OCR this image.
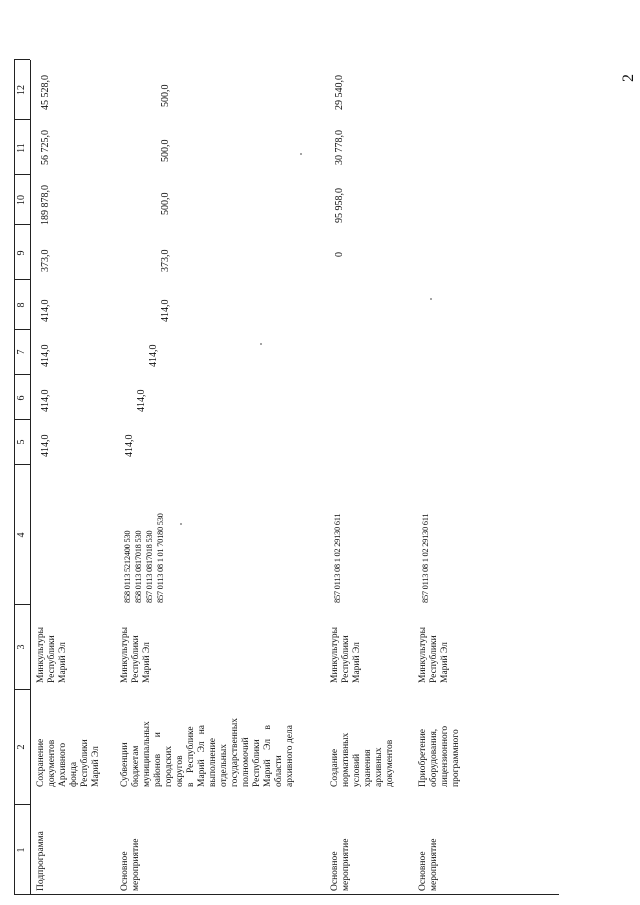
2
1
2
3
4
5
6
7
8
9
10
11
12
Подпрограмма
Сохранение
документов
Архивного
фонда
Республики
Марий Эл
Минкультуры
Республики
Марий Эл
414,0
414,0
414,0
414,0
373,0
189 878,0
56 725,0
45 528,0
Основное
мероприятие
Субвенции
бюджетам
муниципальных
районов       и
городских
округов
в    Республике
Марий   Эл   на
выполнение
отдельных
государственных
полномочий
Республики
Марий    Эл    в
области
архивного дела
Минкультуры
Республики
Марий Эл
858 0113 5212400 530
858 0113 0817018 530
857 0113 0817018 530
857 0113 08 1 01 70180 530
414,0
414,0
414,0
414,0
373,0
500,0
500,0
500,0
Основное
мероприятие
Создание
нормативных
условий
хранения
архивных
документов
Минкультуры
Республики
Марий Эл
857 0113 08 1 02 29130 611
0
95 958,0
30 778,0
29 540,0
Основное
мероприятие
Приобретение
оборудования,
лицензионного
программного
Минкультуры
Республики
Марий Эл
857 0113 08 1 02 29130 611
